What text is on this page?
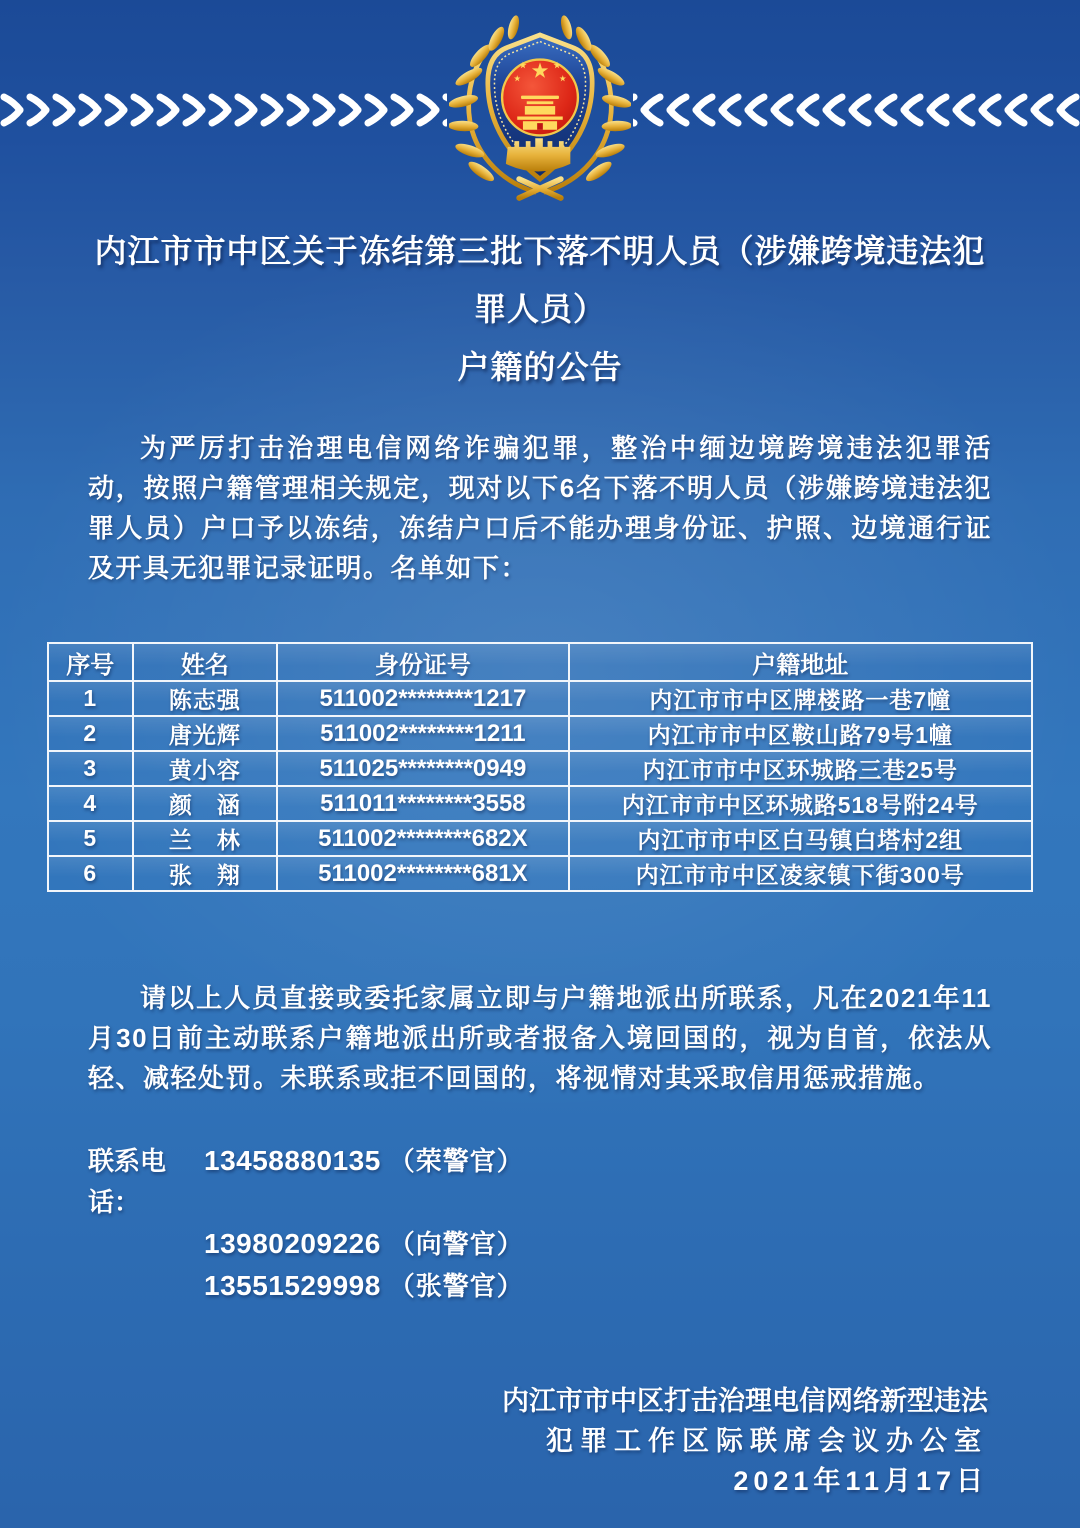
内江市市中区关于冻结第三批下落不明人员（涉嫌跨境违法犯罪人员）
户籍的公告

为严厉打击治理电信网络诈骗犯罪，整治中缅边境跨境违法犯罪活动，按照户籍管理相关规定，现对以下6名下落不明人员（涉嫌跨境违法犯罪人员）户口予以冻结，冻结户口后不能办理身份证、护照、边境通行证及开具无犯罪记录证明。名单如下：

序号	姓名	身份证号	户籍地址
1	陈志强	511002********1217	内江市市中区牌楼路一巷7幢
2	唐光辉	511002********1211	内江市市中区鞍山路79号1幢
3	黄小容	511025********0949	内江市市中区环城路三巷25号
4	颜　涵	511011********3558	内江市市中区环城路518号附24号
5	兰　林	511002********682X	内江市市中区白马镇白塔村2组
6	张　翔	511002********681X	内江市市中区凌家镇下街300号

请以上人员直接或委托家属立即与户籍地派出所联系，凡在2021年11月30日前主动联系户籍地派出所或者报备入境回国的，视为自首，依法从轻、减轻处罚。未联系或拒不回国的，将视情对其采取信用惩戒措施。

联系电话：
13458880135 （荣警官）
13980209226 （向警官）
13551529998 （张警官）
内江市市中区打击治理电信网络新型违法
犯罪工作区际联席会议办公室
2021年11月17日
